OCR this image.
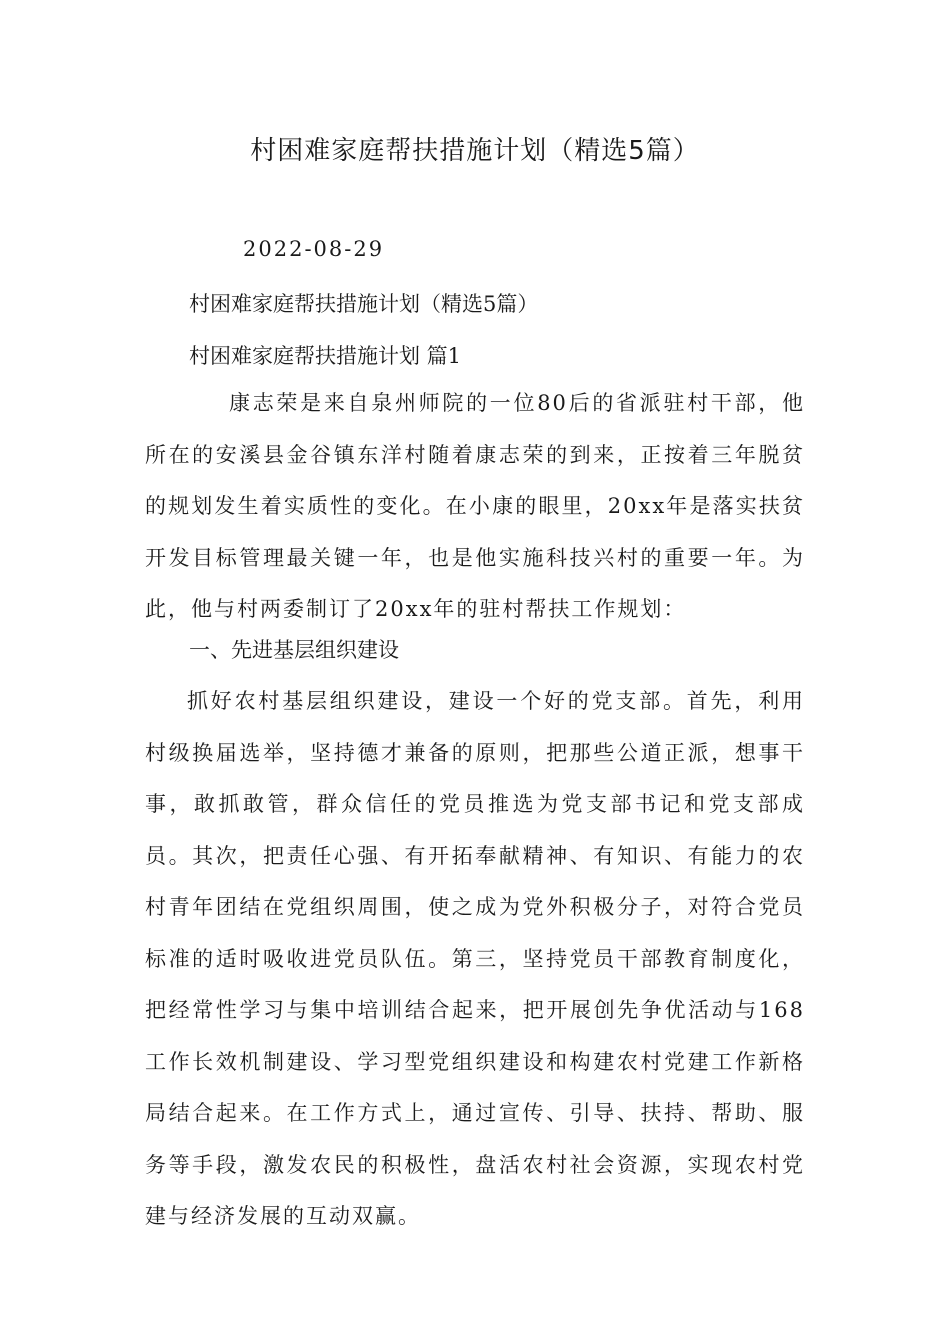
村困难家庭帮扶措施计划（精选5篇）

2022-08-29

村困难家庭帮扶措施计划（精选5篇）

村困难家庭帮扶措施计划 篇1

康志荣是来自泉州师院的一位80后的省派驻村干部，他所在的安溪县金谷镇东洋村随着康志荣的到来，正按着三年脱贫的规划发生着实质性的变化。在小康的眼里，20xx年是落实扶贫开发目标管理最关键一年，也是他实施科技兴村的重要一年。为此，他与村两委制订了20xx年的驻村帮扶工作规划：

一、先进基层组织建设

抓好农村基层组织建设，建设一个好的党支部。首先，利用村级换届选举，坚持德才兼备的原则，把那些公道正派，想事干事，敢抓敢管，群众信任的党员推选为党支部书记和党支部成员。其次，把责任心强、有开拓奉献精神、有知识、有能力的农村青年团结在党组织周围，使之成为党外积极分子，对符合党员标准的适时吸收进党员队伍。第三，坚持党员干部教育制度化，把经常性学习与集中培训结合起来，把开展创先争优活动与168工作长效机制建设、学习型党组织建设和构建农村党建工作新格局结合起来。在工作方式上，通过宣传、引导、扶持、帮助、服务等手段，激发农民的积极性，盘活农村社会资源，实现农村党建与经济发展的互动双赢。
